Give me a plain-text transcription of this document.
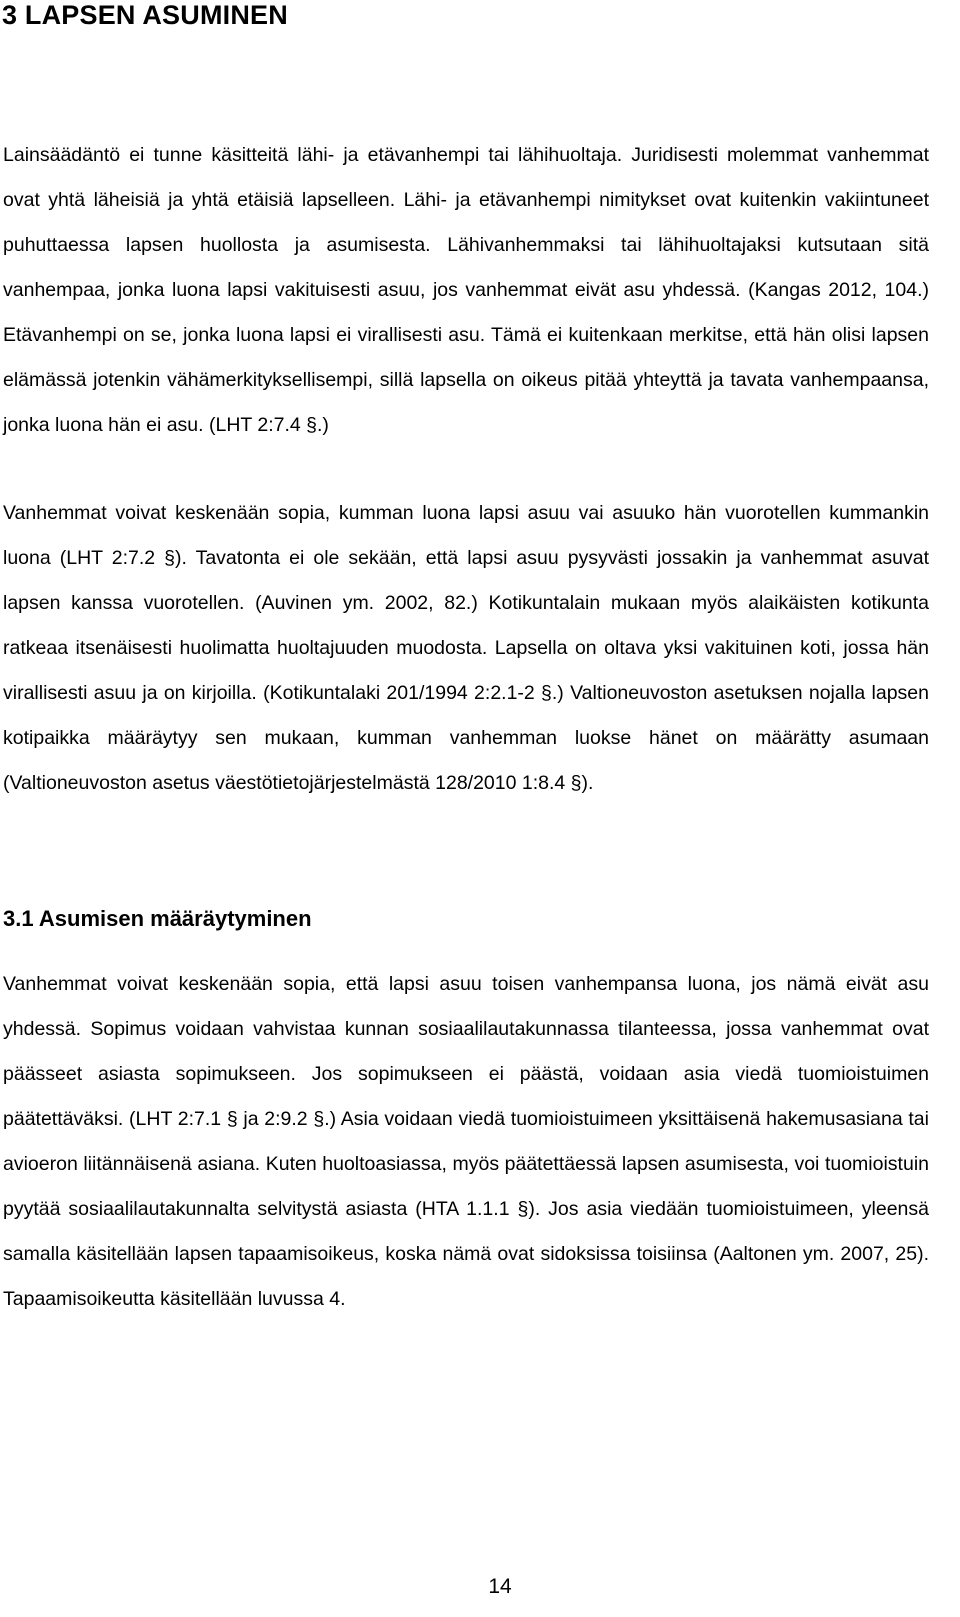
3 LAPSEN ASUMINEN

Lainsäädäntö ei tunne käsitteitä lähi- ja etävanhempi tai lähihuoltaja. Juridisesti molemmat vanhemmat ovat yhtä läheisiä ja yhtä etäisiä lapselleen. Lähi- ja etävanhempi nimitykset ovat kuitenkin vakiintuneet puhuttaessa lapsen huollosta ja asumisesta. Lähivanhemmaksi tai lähihuoltajaksi kutsutaan sitä vanhempaa, jonka luona lapsi vakituisesti asuu, jos vanhemmat eivät asu yhdessä. (Kangas 2012, 104.) Etävanhempi on se, jonka luona lapsi ei virallisesti asu. Tämä ei kuitenkaan merkitse, että hän olisi lapsen elämässä jotenkin vähämerkityksellisempi, sillä lapsella on oikeus pitää yhteyttä ja tavata vanhempaansa, jonka luona hän ei asu. (LHT 2:7.4 §.)

Vanhemmat voivat keskenään sopia, kumman luona lapsi asuu vai asuuko hän vuorotellen kummankin luona (LHT 2:7.2 §). Tavatonta ei ole sekään, että lapsi asuu pysyvästi jossakin ja vanhemmat asuvat lapsen kanssa vuorotellen. (Auvinen ym. 2002, 82.) Kotikuntalain mukaan myös alaikäisten kotikunta ratkeaa itsenäisesti huolimatta huoltajuuden muodosta. Lapsella on oltava yksi vakituinen koti, jossa hän virallisesti asuu ja on kirjoilla. (Kotikuntalaki 201/1994 2:2.1-2 §.) Valtioneuvoston asetuksen nojalla lapsen kotipaikka määräytyy sen mukaan, kumman vanhemman luokse hänet on määrätty asumaan (Valtioneuvoston asetus väestötietojärjestelmästä 128/2010 1:8.4 §).

3.1 Asumisen määräytyminen

Vanhemmat voivat keskenään sopia, että lapsi asuu toisen vanhempansa luona, jos nämä eivät asu yhdessä. Sopimus voidaan vahvistaa kunnan sosiaalilautakunnassa tilanteessa, jossa vanhemmat ovat päässeet asiasta sopimukseen. Jos sopimukseen ei päästä, voidaan asia viedä tuomioistuimen päätettäväksi. (LHT 2:7.1 § ja 2:9.2 §.) Asia voidaan viedä tuomioistuimeen yksittäisenä hakemusasiana tai avioeron liitännäisenä asiana. Kuten huoltoasiassa, myös päätettäessä lapsen asumisesta, voi tuomioistuin pyytää sosiaalilautakunnalta selvitystä asiasta (HTA 1.1.1 §). Jos asia viedään tuomioistuimeen, yleensä samalla käsitellään lapsen tapaamisoikeus, koska nämä ovat sidoksissa toisiinsa (Aaltonen ym. 2007, 25). Tapaamisoikeutta käsitellään luvussa 4.

14
